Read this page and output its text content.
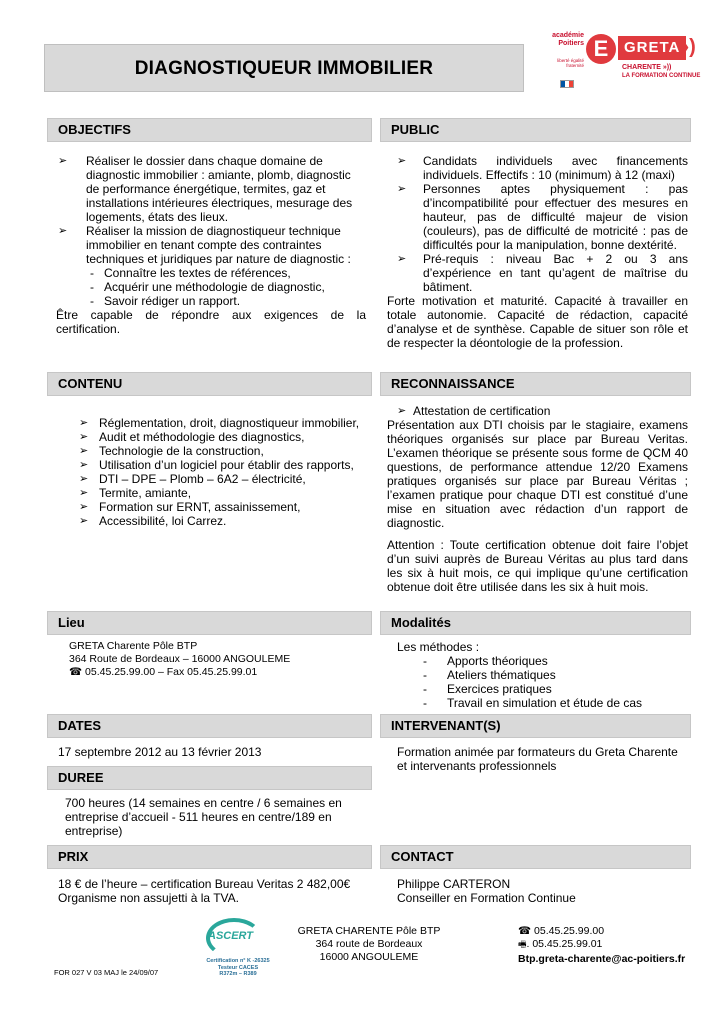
DIAGNOSTIQUEUR IMMOBILIER
académie Poitiers
liberté égalité fraternité
E	GRETA
»)
CHARENTE »))
LA FORMATION CONTINUE
OBJECTIFS
➢ Réaliser le dossier dans chaque domaine de diagnostic immobilier : amiante, plomb, diagnostic de performance énergétique, termites, gaz et installations intérieures électriques, mesurage des logements, états des lieux.
➢ Réaliser la mission de diagnostiqueur technique immobilier en tenant compte des contraintes techniques et juridiques par nature de diagnostic :
- Connaître les textes de références,
- Acquérir une méthodologie de diagnostic,
- Savoir rédiger un rapport.

Être capable de répondre aux exigences de la certification.

PUBLIC
➢ Candidats individuels avec financements individuels. Effectifs : 10 (minimum) à 12 (maxi)
➢ Personnes aptes physiquement : pas d’incompatibilité pour effectuer des mesures en hauteur, pas de difficulté majeur de vision (couleurs), pas de difficulté de motricité : pas de difficultés pour la manipulation, bonne dextérité.
➢ Pré-requis : niveau Bac + 2 ou 3 ans d’expérience en tant qu’agent de maîtrise du bâtiment.

Forte motivation et maturité. Capacité à travailler en totale autonomie. Capacité de rédaction, capacité d’analyse et de synthèse. Capable de situer son rôle et de respecter la déontologie de la profession.

CONTENU
➢ Réglementation, droit, diagnostiqueur immobilier,
➢ Audit et méthodologie des diagnostics,
➢ Technologie de la construction,
➢ Utilisation d’un logiciel pour établir des rapports,
➢ DTI – DPE – Plomb – 6A2 – électricité,
➢ Termite, amiante,
➢ Formation sur ERNT, assainissement,
➢ Accessibilité, loi Carrez.
RECONNAISSANCE
➢ Attestation de certification

Présentation aux DTI choisis par le stagiaire, examens théoriques organisés sur place par Bureau Veritas. L’examen théorique se présente sous forme de QCM 40 questions, de performance attendue 12/20 Examens pratiques organisés sur place par Bureau Véritas ; l’examen pratique pour chaque DTI est constitué d’une mise en situation avec rédaction d’un rapport de diagnostic.

Attention : Toute certification obtenue doit faire l’objet d’un suivi auprès de Bureau Véritas au plus tard dans les six à huit mois, ce qui implique qu’une certification obtenue doit être utilisée dans les six à huit mois.

Lieu

GRETA Charente Pôle BTP

364 Route de Bordeaux – 16000 ANGOULEME

☎ 05.45.25.99.00 – Fax 05.45.25.99.01

Modalités

Les méthodes :

- Apports théoriques
- Ateliers thématiques
- Exercices pratiques
- Travail en simulation et étude de cas
DATES

17 septembre 2012 au 13 février 2013

INTERVENANT(S)

Formation animée par formateurs du Greta Charente et intervenants professionnels

DUREE

700 heures (14 semaines en centre / 6 semaines en entreprise d’accueil - 511 heures en centre/189 en entreprise)

PRIX

18 € de l’heure – certification Bureau Veritas 2 482,00€

Organisme non assujetti à la TVA.

CONTACT

Philippe CARTERON

Conseiller en Formation Continue

ASCERT
Certification n° K -26325
Testeur CACES
R372m – R389

GRETA CHARENTE Pôle BTP

364 route de Bordeaux

16000 ANGOULEME

☎ 05.45.25.99.00

🖷. 05.45.25.99.01

Btp.greta-charente@ac-poitiers.fr

FOR 027 V 03 MAJ le 24/09/07
